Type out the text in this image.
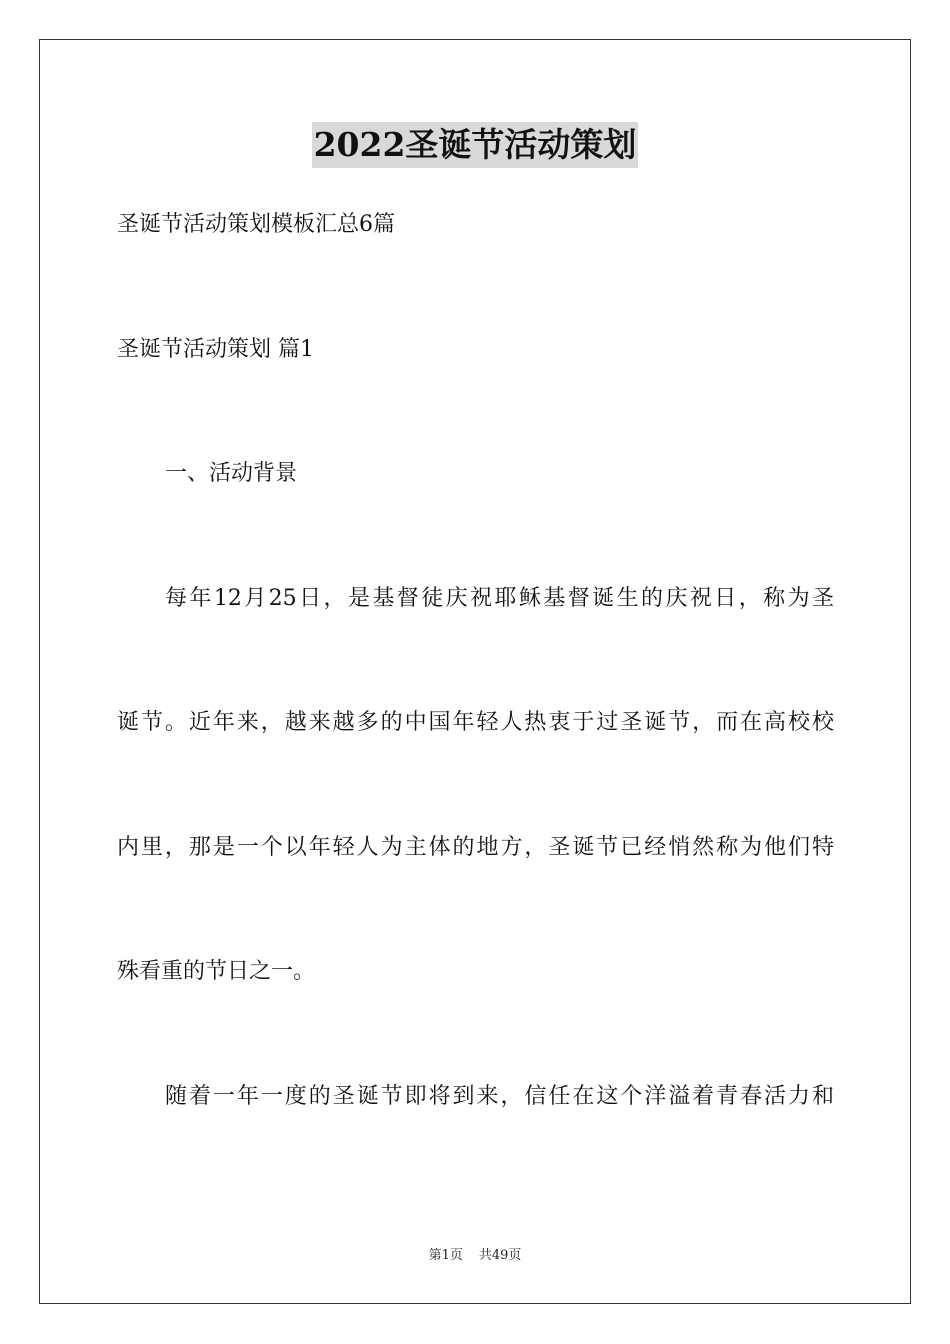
2022圣诞节活动策划

圣诞节活动策划模板汇总6篇

圣诞节活动策划 篇1

一、活动背景

每年12月25日，是基督徒庆祝耶稣基督诞生的庆祝日，称为圣

诞节。近年来，越来越多的中国年轻人热衷于过圣诞节，而在高校校

内里，那是一个以年轻人为主体的地方，圣诞节已经悄然称为他们特

殊看重的节日之一。

随着一年一度的圣诞节即将到来，信任在这个洋溢着青春活力和

第1页 共49页
